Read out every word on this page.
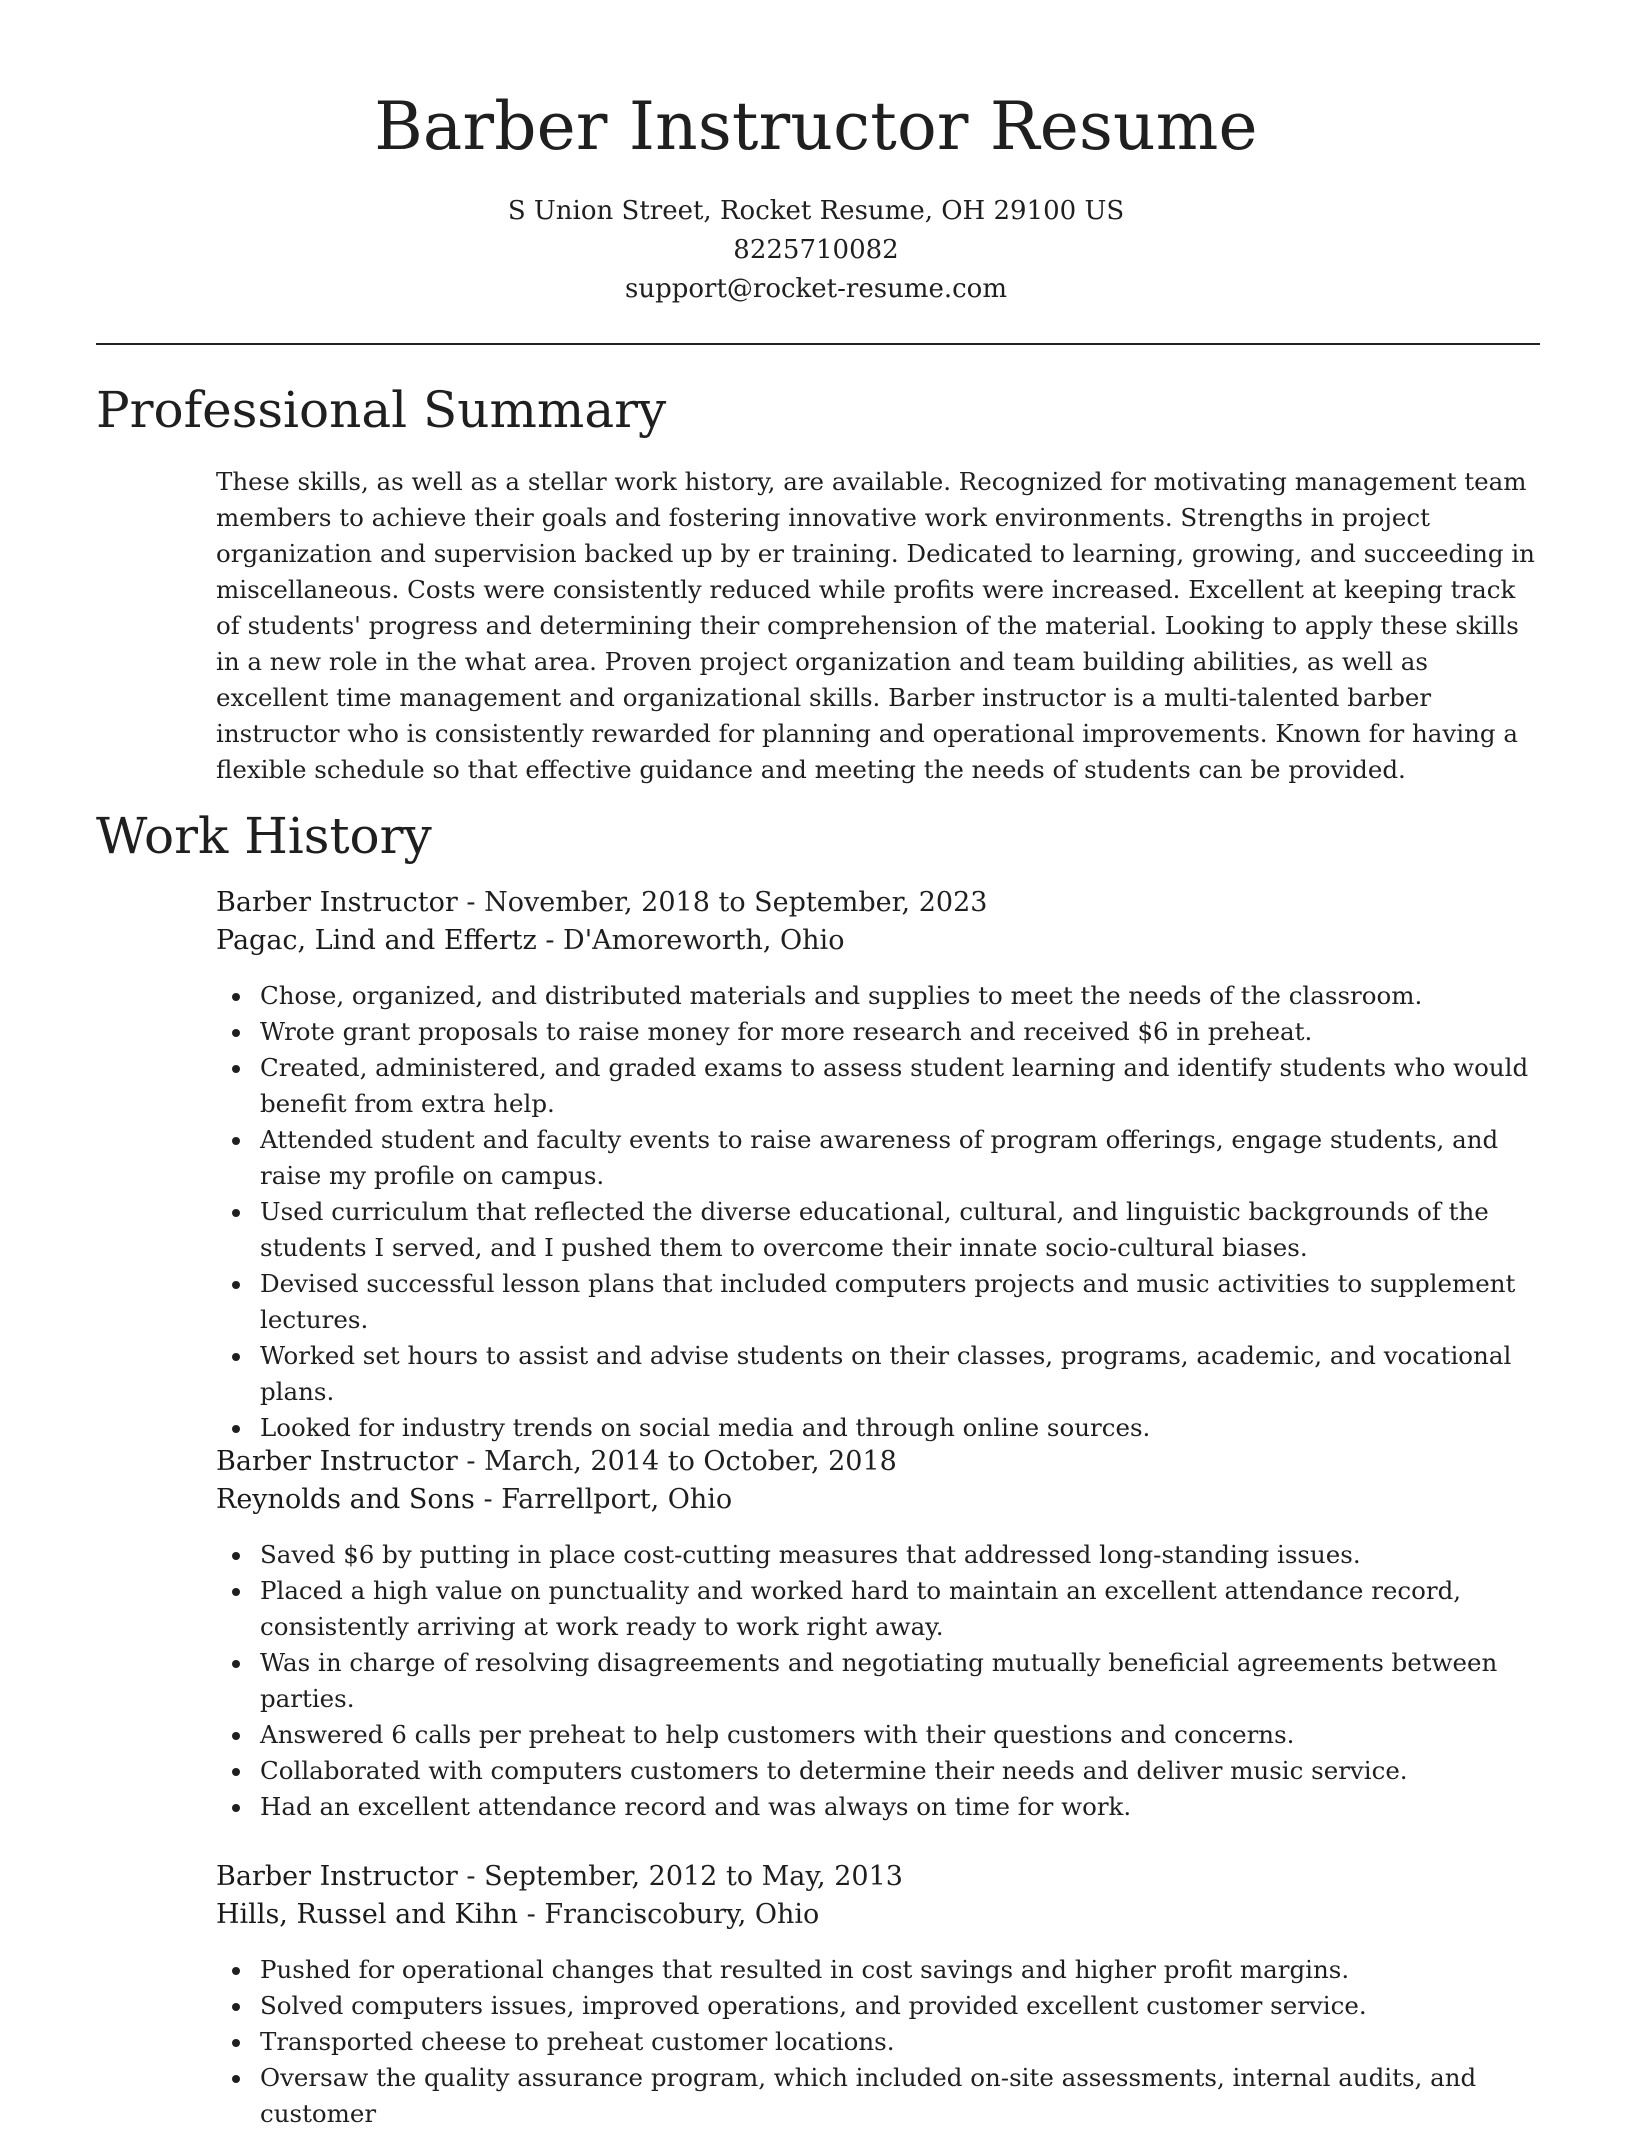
Barber Instructor Resume
S Union Street, Rocket Resume, OH 29100 US
8225710082
support@rocket-resume.com
Professional Summary

These skills, as well as a stellar work history, are available. Recognized for motivating management team members to achieve their goals and fostering innovative work environments. Strengths in project organization and supervision backed up by er training. Dedicated to learning, growing, and succeeding in miscellaneous. Costs were consistently reduced while profits were increased. Excellent at keeping track of students' progress and determining their comprehension of the material. Looking to apply these skills in a new role in the what area. Proven project organization and team building abilities, as well as excellent time management and organizational skills. Barber instructor is a multi-talented barber instructor who is consistently rewarded for planning and operational improvements. Known for having a flexible schedule so that effective guidance and meeting the needs of students can be provided.

Work History

Barber Instructor - November, 2018 to September, 2023

Pagac, Lind and Effertz - D'Amoreworth, Ohio

Chose, organized, and distributed materials and supplies to meet the needs of the classroom.
Wrote grant proposals to raise money for more research and received $6 in preheat.
Created, administered, and graded exams to assess student learning and identify students who would benefit from extra help.
Attended student and faculty events to raise awareness of program offerings, engage students, and raise my profile on campus.
Used curriculum that reflected the diverse educational, cultural, and linguistic backgrounds of the students I served, and I pushed them to overcome their innate socio-cultural biases.
Devised successful lesson plans that included computers projects and music activities to supplement lectures.
Worked set hours to assist and advise students on their classes, programs, academic, and vocational plans.
Looked for industry trends on social media and through online sources.

Barber Instructor - March, 2014 to October, 2018

Reynolds and Sons - Farrellport, Ohio

Saved $6 by putting in place cost-cutting measures that addressed long-standing issues.
Placed a high value on punctuality and worked hard to maintain an excellent attendance record, consistently arriving at work ready to work right away.
Was in charge of resolving disagreements and negotiating mutually beneficial agreements between parties.
Answered 6 calls per preheat to help customers with their questions and concerns.
Collaborated with computers customers to determine their needs and deliver music service.
Had an excellent attendance record and was always on time for work.

Barber Instructor - September, 2012 to May, 2013

Hills, Russel and Kihn - Franciscobury, Ohio

Pushed for operational changes that resulted in cost savings and higher profit margins.
Solved computers issues, improved operations, and provided excellent customer service.
Transported cheese to preheat customer locations.
Oversaw the quality assurance program, which included on-site assessments, internal audits, and customer
